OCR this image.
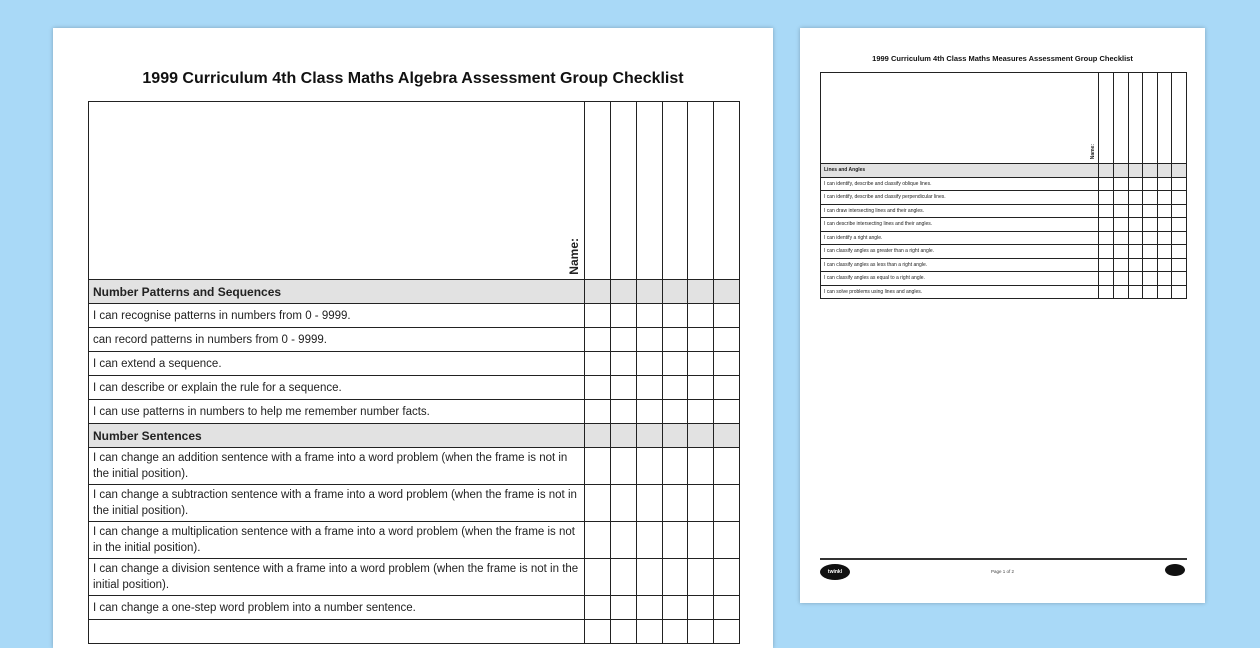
1999 Curriculum 4th Class Maths Algebra Assessment Group Checklist
Name:						

Number Patterns and Sequences						
I can recognise patterns in numbers from 0 - 9999.						
can record patterns in numbers from 0 - 9999.						
I can extend a sequence.						
I can describe or explain the rule for a sequence.						
I can use patterns in numbers to help me remember number facts.						
Number Sentences						
I can change an addition sentence with a frame into a word problem (when the frame is not in the initial position).						
I can change a subtraction sentence with a frame into a word problem (when the frame is not in the initial position).						
I can change a multiplication sentence with a frame into a word problem (when the frame is not in the initial position).						
I can change a division sentence with a frame into a word problem (when the frame is not in the initial position).						
I can change a one-step word problem into a number sentence.						

1999 Curriculum 4th Class Maths Measures Assessment Group Checklist
Name:						

Lines and Angles						
I can identify, describe and classify oblique lines.						
I can identify, describe and classify perpendicular lines.						
I can draw intersecting lines and their angles.						
I can describe intersecting lines and their angles.						
I can identify a right angle.						
I can classify angles as greater than a right angle.						
I can classify angles as less than a right angle.						
I can classify angles as equal to a right angle.						
I can solve problems using lines and angles.						
twinkl	Page 1 of 2
